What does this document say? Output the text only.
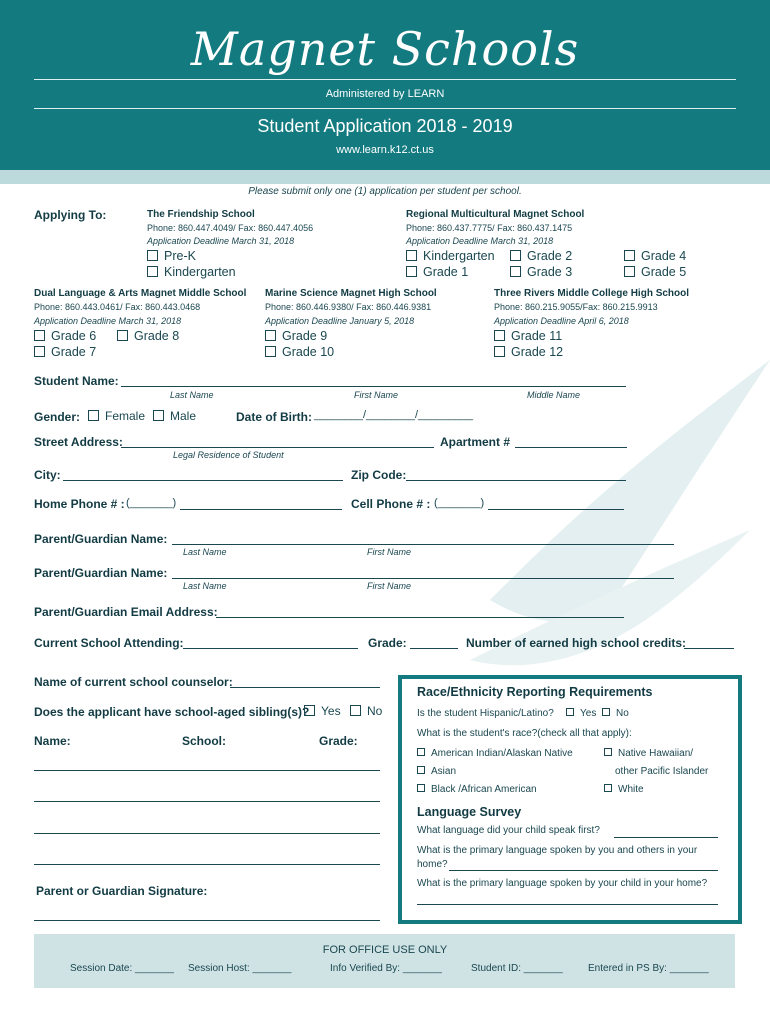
Magnet Schools
Administered by LEARN
Student Application 2018 - 2019
www.learn.k12.ct.us
Please submit only one (1) application per student per school.
Applying To:	The Friendship School
Phone: 860.447.4049/ Fax: 860.447.4056
Application Deadline March 31, 2018
Pre-K
Kindergarten
Regional Multicultural Magnet School
Phone: 860.437.7775/ Fax: 860.437.1475
Application Deadline March 31, 2018
Kindergarten
Grade 1
Grade 2
Grade 3
Grade 4
Grade 5
Dual Language & Arts Magnet Middle School
Phone: 860.443.0461/ Fax: 860.443.0468
Application Deadline March 31, 2018
Grade 6	Grade 8
Grade 7
Marine Science Magnet High School
Phone: 860.446.9380/ Fax: 860.446.9381
Application Deadline January 5, 2018
Grade 9
Grade 10
Three Rivers Middle College High School
Phone: 860.215.9055/Fax: 860.215.9913
Application Deadline April 6, 2018
Grade 11
Grade 12
Student Name:
Last Name	First Name	Middle Name
Gender:	Female	Male	Date of Birth: ________/________/_________
Street Address:	Apartment #
Legal Residence of Student
City:	Zip Code:
Home Phone # : (_______)	Cell Phone # : (_______)
Parent/Guardian Name:
Last Name	First Name
Parent/Guardian Name:
Last Name	First Name
Parent/Guardian Email Address:
Current School Attending:	Grade:	Number of earned high school credits:
Name of current school counselor:
Does the applicant have school-aged sibling(s)? Yes	No
Name:	School:	Grade:
Parent or Guardian Signature:
Race/Ethnicity Reporting Requirements
Is the student Hispanic/Latino?	Yes	No
What is the student's race?(check all that apply):
American Indian/Alaskan Native
Asian
Black /African American
Native Hawaiian/
other Pacific Islander
White
Language Survey
What language did your child speak first?
What is the primary language spoken by you and others in your
home?
What is the primary language spoken by your child in your home?
FOR OFFICE USE ONLY
Session Date: _______ Session Host: _______	Info Verified By: _______	Student ID: _______	Entered in PS By: _______
